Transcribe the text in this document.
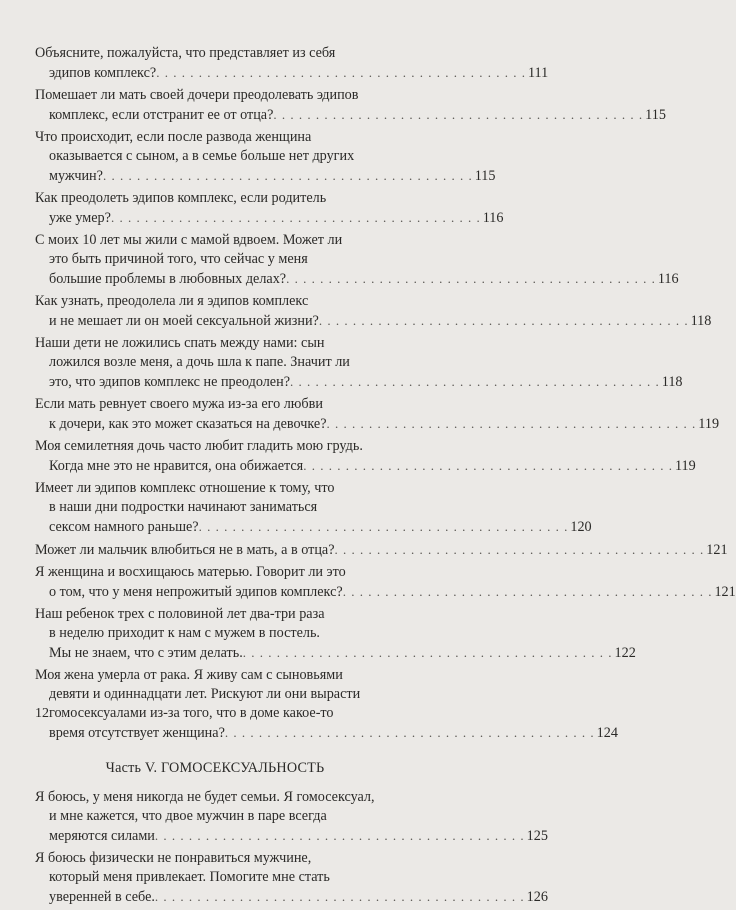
Объясните, пожалуйста, что представляет из себя
эдипов комплекс? . . . . . . . . . . . . . . . . . . . . . . . . . . . . . . . . . . . . . . . . . . . . 111
Помешает ли мать своей дочери преодолевать эдипов
комплекс, если отстранит ее от отца? . . . . . . . . . . . . . . . . . . . . . . . . . . . . . . . . . . . . . . . . . . . . 115
Что происходит, если после развода женщина
оказывается с сыном, а в семье больше нет других
мужчин? . . . . . . . . . . . . . . . . . . . . . . . . . . . . . . . . . . . . . . . . . . . . 115
Как преодолеть эдипов комплекс, если родитель
уже умер? . . . . . . . . . . . . . . . . . . . . . . . . . . . . . . . . . . . . . . . . . . . . 116
С моих 10 лет мы жили с мамой вдвоем. Может ли
это быть причиной того, что сейчас у меня
большие проблемы в любовных делах? . . . . . . . . . . . . . . . . . . . . . . . . . . . . . . . . . . . . . . . . . . . . 116
Как узнать, преодолела ли я эдипов комплекс
и не мешает ли он моей сексуальной жизни? . . . . . . . . . . . . . . . . . . . . . . . . . . . . . . . . . . . . . . . . . . . . 118
Наши дети не ложились спать между нами: сын
ложился возле меня, а дочь шла к папе. Значит ли
это, что эдипов комплекс не преодолен? . . . . . . . . . . . . . . . . . . . . . . . . . . . . . . . . . . . . . . . . . . . . 118
Если мать ревнует своего мужа из-за его любви
к дочери, как это может сказаться на девочке? . . . . . . . . . . . . . . . . . . . . . . . . . . . . . . . . . . . . . . . . . . . . 119
Моя семилетняя дочь часто любит гладить мою грудь.
Когда мне это не нравится, она обижается . . . . . . . . . . . . . . . . . . . . . . . . . . . . . . . . . . . . . . . . . . . . 119
Имеет ли эдипов комплекс отношение к тому, что
в наши дни подростки начинают заниматься
сексом намного раньше? . . . . . . . . . . . . . . . . . . . . . . . . . . . . . . . . . . . . . . . . . . . . 120
Может ли мальчик влюбиться не в мать, а в отца? . . . . . . . . . . . . . . . . . . . . . . . . . . . . . . . . . . . . . . . . . . . . 121
Я женщина и восхищаюсь матерью. Говорит ли это
о том, что у меня непрожитый эдипов комплекс? . . . . . . . . . . . . . . . . . . . . . . . . . . . . . . . . . . . . . . . . . . . . 121
Наш ребенок трех с половиной лет два-три раза
в неделю приходит к нам с мужем в постель.
Мы не знаем, что с этим делать. . . . . . . . . . . . . . . . . . . . . . . . . . . . . . . . . . . . . . . . . . . . . 122
Моя жена умерла от рака. Я живу сам с сыновьями
девяти и одиннадцати лет. Рискуют ли они вырасти
гомосексуалами из-за того, что в доме какое-то
время отсутствует женщина? . . . . . . . . . . . . . . . . . . . . . . . . . . . . . . . . . . . . . . . . . . . . 124
Часть V. ГОМОСЕКСУАЛЬНОСТЬ
Я боюсь, у меня никогда не будет семьи. Я гомосексуал,
и мне кажется, что двое мужчин в паре всегда
меряются силами . . . . . . . . . . . . . . . . . . . . . . . . . . . . . . . . . . . . . . . . . . . . 125
Я боюсь физически не понравиться мужчине,
который меня привлекает. Помогите мне стать
уверенней в себе. . . . . . . . . . . . . . . . . . . . . . . . . . . . . . . . . . . . . . . . . . . . . 126
12
